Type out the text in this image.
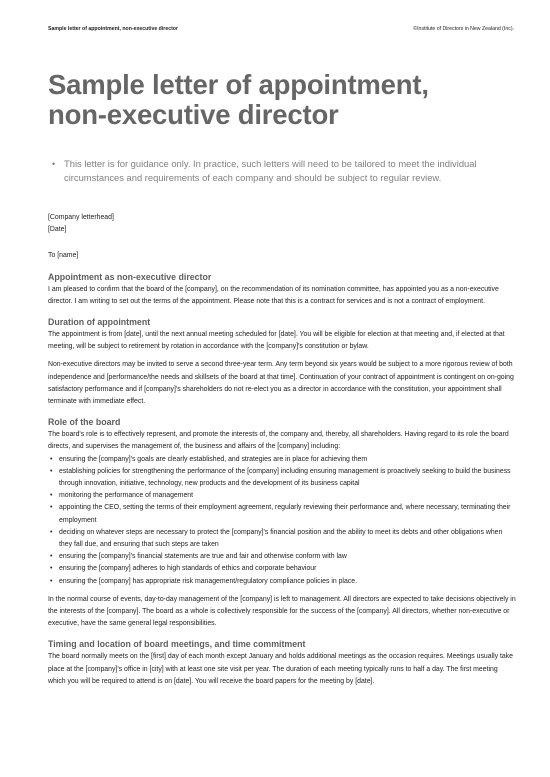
Sample letter of appointment, non-executive director	©Institute of Directors in New Zealand (Inc).
Sample letter of appointment,
non-executive director
• This letter is for guidance only. In practice, such letters will need to be tailored to meet the individual circumstances and requirements of each company and should be subject to regular review.

[Company letterhead]

[Date]

To [name]

Appointment as non-executive director

I am pleased to confirm that the board of the [company], on the recommendation of its nomination committee, has appointed you as a non-executive director. I am writing to set out the terms of the appointment. Please note that this is a contract for services and is not a contract of employment.

Duration of appointment

The appointment is from [date], until the next annual meeting scheduled for [date]. You will be eligible for election at that meeting and, if elected at that meeting, will be subject to retirement by rotation in accordance with the [company]'s constitution or bylaw.

Non-executive directors may be invited to serve a second three-year term. Any term beyond six years would be subject to a more rigorous review of both independence and [performance/the needs and skillsets of the board at that time]. Continuation of your contract of appointment is contingent on on-going satisfactory performance and if [company]'s shareholders do not re-elect you as a director in accordance with the constitution, your appointment shall terminate with immediate effect.

Role of the board

The board's role is to effectively represent, and promote the interests of, the company and, thereby, all shareholders. Having regard to its role the board directs, and supervises the management of, the business and affairs of the [company] including:

• ensuring the [company]'s goals are clearly established, and strategies are in place for achieving them
• establishing policies for strengthening the performance of the [company] including ensuring management is proactively seeking to build the business through innovation, initiative, technology, new products and the development of its business capital
• monitoring the performance of management
• appointing the CEO, setting the terms of their employment agreement, regularly reviewing their performance and, where necessary, terminating their employment
• deciding on whatever steps are necessary to protect the [company]'s financial position and the ability to meet its debts and other obligations when they fall due, and ensuring that such steps are taken
• ensuring the [company]'s financial statements are true and fair and otherwise conform with law
• ensuring the [company] adheres to high standards of ethics and corporate behaviour
• ensuring the [company] has appropriate risk management/regulatory compliance policies in place.

In the normal course of events, day-to-day management of the [company] is left to management. All directors are expected to take decisions objectively in the interests of the [company]. The board as a whole is collectively responsible for the success of the [company]. All directors, whether non-executive or executive, have the same general legal responsibilities.

Timing and location of board meetings, and time commitment

The board normally meets on the [first] day of each month except January and holds additional meetings as the occasion requires. Meetings usually take place at the [company]'s office in [city] with at least one site visit per year. The duration of each meeting typically runs to half a day. The first meeting which you will be required to attend is on [date]. You will receive the board papers for the meeting by [date].
